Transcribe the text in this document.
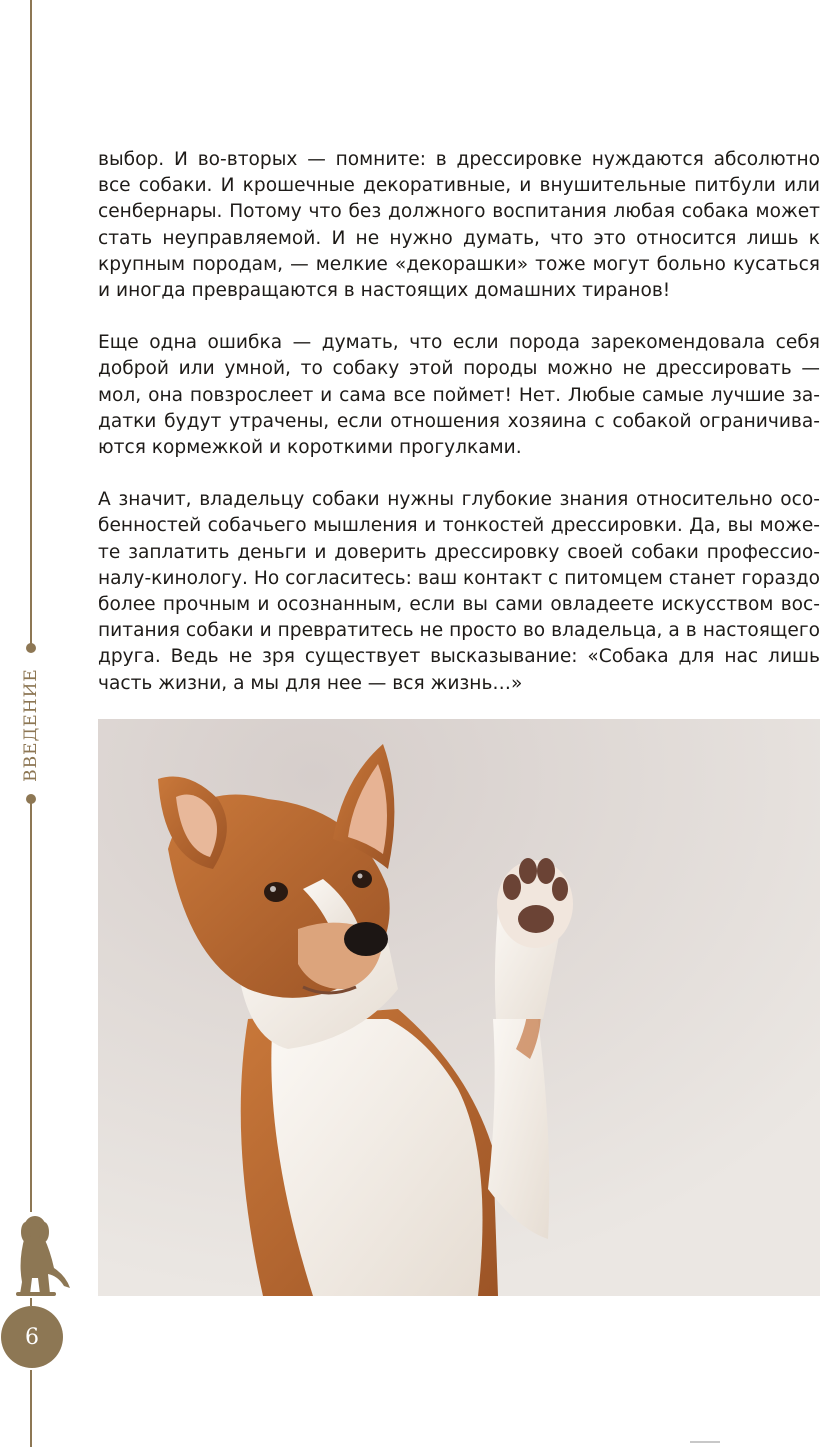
ВВЕДЕНИЕ
6

выбор. И во-вторых — помните: в дрессировке нуждаются абсолютно все собаки. И крошечные декоративные, и внушительные питбули или сенбернары. Потому что без должного воспитания любая собака может стать неуправляемой. И не нужно думать, что это относится лишь к крупным породам, — мелкие «декорашки» тоже могут больно кусаться и иногда превращаются в настоящих домашних тиранов!

Еще одна ошибка — думать, что если порода зарекомендовала себя доброй или умной, то собаку этой породы можно не дрессировать — мол, она повзрослеет и сама все поймет! Нет. Любые самые лучшие задатки будут утрачены, если отношения хозяина с собакой ограничиваются кормежкой и короткими прогулками.

А значит, владельцу собаки нужны глубокие знания относительно особенностей собачьего мышления и тонкостей дрессировки. Да, вы можете заплатить деньги и доверить дрессировку своей собаки профессионалу-кинологу. Но согласитесь: ваш контакт с питомцем станет гораздо более прочным и осознанным, если вы сами овладеете искусством воспитания собаки и превратитесь не просто во владельца, а в настоящего друга. Ведь не зря существует высказывание: «Собака для нас лишь часть жизни, а мы для нее — вся жизнь…»
